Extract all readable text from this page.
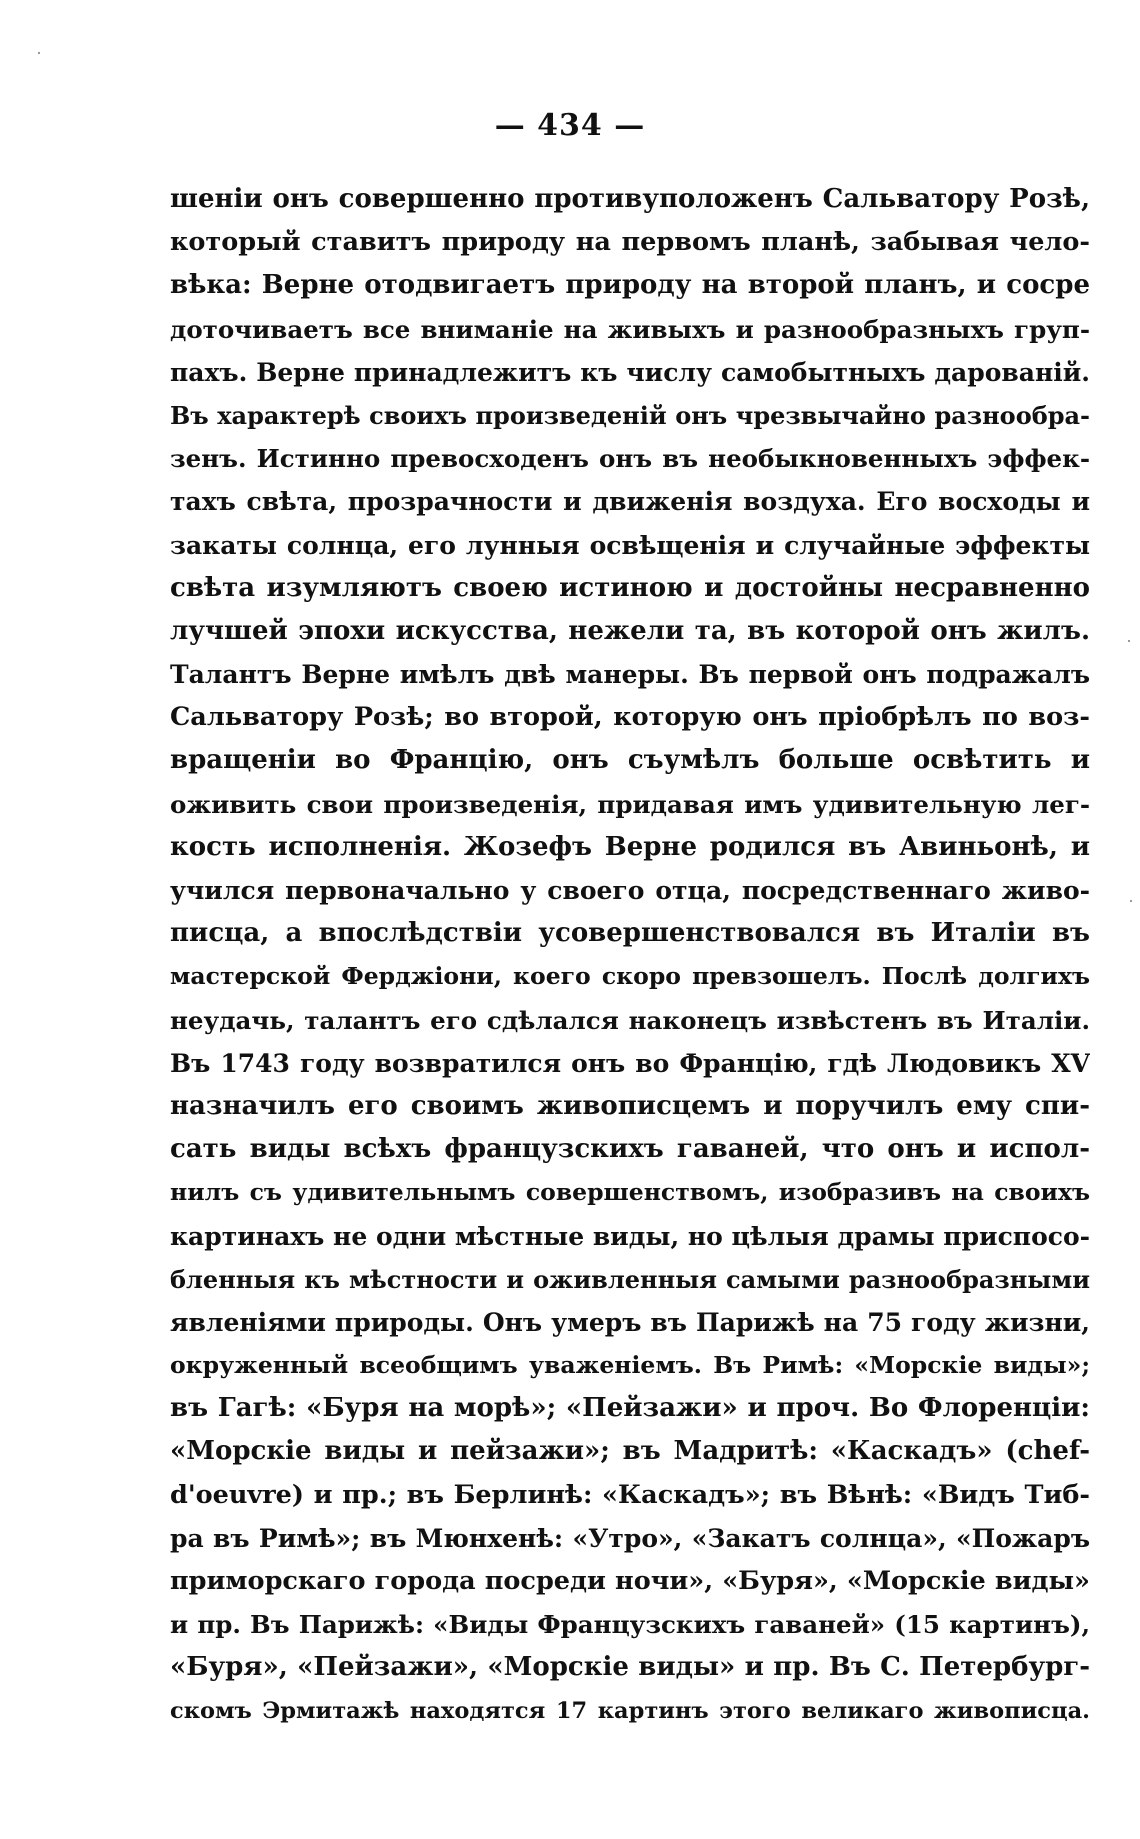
— 434 —
шеніи онъ совершенно противуположенъ Сальватору Розѣ,
который ставитъ природу на первомъ планѣ, забывая чело-
вѣка: Верне отодвигаетъ природу на второй планъ, и сосре
доточиваетъ все вниманіе на живыхъ и разнообразныхъ груп-
пахъ. Верне принадлежитъ къ числу самобытныхъ дарованій.
Въ характерѣ своихъ произведеній онъ чрезвычайно разнообра-
зенъ. Истинно превосходенъ онъ въ необыкновенныхъ эффек-
тахъ свѣта, прозрачности и движенія воздуха. Его восходы и
закаты солнца, его лунныя освѣщенія и случайные эффекты
свѣта изумляютъ своею истиною и достойны несравненно
лучшей эпохи искусства, нежели та, въ которой онъ жилъ.
Талантъ Верне имѣлъ двѣ манеры. Въ первой онъ подражалъ
Сальватору Розѣ; во второй, которую онъ пріобрѣлъ по воз-
вращеніи во Францію, онъ съумѣлъ больше освѣтить и
оживить свои произведенія, придавая имъ удивительную лег-
кость исполненія. Жозефъ Верне родился въ Авиньонѣ, и
учился первоначально у своего отца, посредственнаго живо-
писца, а впослѣдствіи усовершенствовался въ Италіи въ
мастерской Ферджіони, коего скоро превзошелъ. Послѣ долгихъ
неудачь, талантъ его сдѣлался наконецъ извѣстенъ въ Италіи.
Въ 1743 году возвратился онъ во Францію, гдѣ Людовикъ XV
назначилъ его своимъ живописцемъ и поручилъ ему спи-
сать виды всѣхъ французскихъ гаваней, что онъ и испол-
нилъ съ удивительнымъ совершенствомъ, изобразивъ на своихъ
картинахъ не одни мѣстные виды, но цѣлыя драмы приспосо-
бленныя къ мѣстности и оживленныя самыми разнообразными
явленіями природы. Онъ умеръ въ Парижѣ на 75 году жизни,
окруженный всеобщимъ уваженіемъ. Въ Римѣ: «Морскіе виды»;
въ Гагѣ: «Буря на морѣ»; «Пейзажи» и проч. Во Флоренціи:
«Морскіе виды и пейзажи»; въ Мадритѣ: «Каскадъ» (chef-
d'oeuvre) и пр.; въ Берлинѣ: «Каскадъ»; въ Вѣнѣ: «Видъ Тиб-
ра въ Римѣ»; въ Мюнхенѣ: «Утро», «Закатъ солнца», «Пожаръ
приморскаго города посреди ночи», «Буря», «Морскіе виды»
и пр. Въ Парижѣ: «Виды Французскихъ гаваней» (15 картинъ),
«Буря», «Пейзажи», «Морскіе виды» и пр. Въ С. Петербург-
скомъ Эрмитажѣ находятся 17 картинъ этого великаго живописца.
